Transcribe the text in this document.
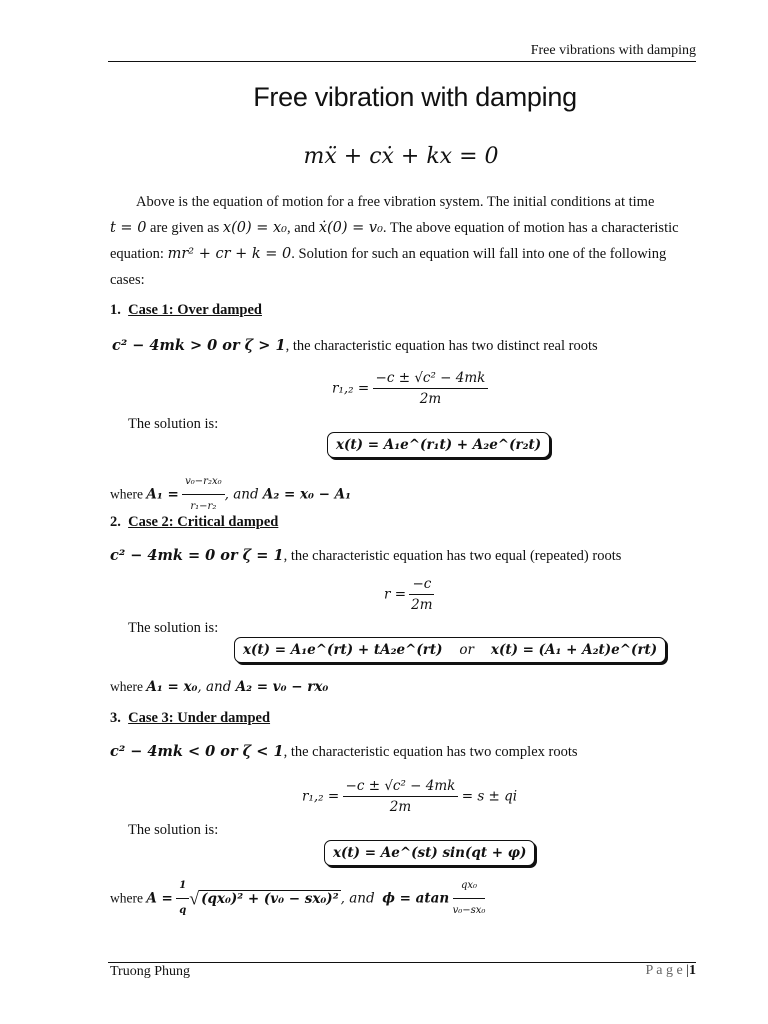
Free vibrations with damping
Free vibration with damping
mẍ + cẋ + kx = 0
Above is the equation of motion for a free vibration system. The initial conditions at time
t = 0 are given as x(0) = x₀, and ẋ(0) = v₀. The above equation of motion has a characteristic
equation: mr² + cr + k = 0. Solution for such an equation will fall into one of the following
cases:
1. Case 1: Over damped
c² − 4mk > 0 or ζ > 1, the characteristic equation has two distinct real roots
$r_1,_2 = \frac{\text{−c ± √c² − 4mk}}{2m}$
The solution is:
x(t) = A₁e^(r₁t) + A₂e^(r₂t)
where $A_1 = \frac{\text{v₀−r₂x₀}}{\text{r₁−r₂}}$ , and A₂ = x₀ − A₁
2. Case 2: Critical damped
c² − 4mk = 0 or ζ = 1, the characteristic equation has two equal (repeated) roots
$r = \frac{-c}{2m}$
The solution is:
x(t) = A₁e^(rt) + tA₂e^(rt) or x(t) = (A₁ + A₂t)e^(rt)
where A₁ = x₀, and A₂ = v₀ − rx₀
3. Case 3: Under damped
c² − 4mk < 0 or ζ < 1, the characteristic equation has two complex roots
$r_1,_2 = \frac{\text{−c ± √c² − 4mk}}{2m} = s$ ± qi
The solution is:
x(t) = Ae^(st) sin(qt + φ)
where $A = \frac{1}{q}$ √ (qx₀)² + (v₀ − sx₀)² , and  ϕ = atan $\frac{\text{qx₀}}{\text{v₀−sx₀}}$
Truong Phung	P a g e |1
